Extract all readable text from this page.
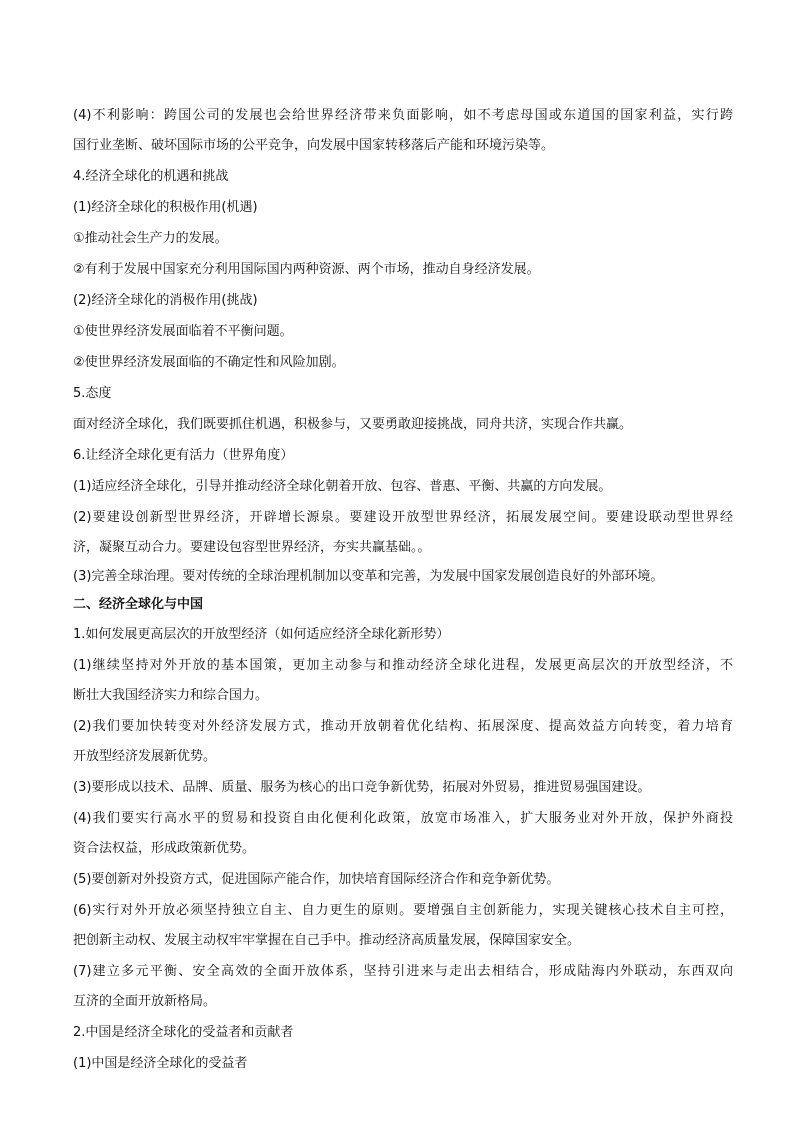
(4)不利影响：跨国公司的发展也会给世界经济带来负面影响，如不考虑母国或东道国的国家利益，实行跨
国行业垄断、破坏国际市场的公平竞争，向发展中国家转移落后产能和环境污染等。
4.经济全球化的机遇和挑战
(1)经济全球化的积极作用(机遇)
①推动社会生产力的发展。
②有利于发展中国家充分利用国际国内两种资源、两个市场，推动自身经济发展。
(2)经济全球化的消极作用(挑战)
①使世界经济发展面临着不平衡问题。
②使世界经济发展面临的不确定性和风险加剧。
5.态度
面对经济全球化，我们既要抓住机遇，积极参与，又要勇敢迎接挑战，同舟共济，实现合作共赢。
6.让经济全球化更有活力（世界角度）
(1)适应经济全球化，引导并推动经济全球化朝着开放、包容、普惠、平衡、共赢的方向发展。
(2)要建设创新型世界经济，开辟增长源泉。要建设开放型世界经济，拓展发展空间。要建设联动型世界经
济，凝聚互动合力。要建设包容型世界经济，夯实共赢基础。。
(3)完善全球治理。要对传统的全球治理机制加以变革和完善，为发展中国家发展创造良好的外部环境。
二、经济全球化与中国
1.如何发展更高层次的开放型经济（如何适应经济全球化新形势）
(1)继续坚持对外开放的基本国策，更加主动参与和推动经济全球化进程，发展更高层次的开放型经济，不
断壮大我国经济实力和综合国力。
(2)我们要加快转变对外经济发展方式，推动开放朝着优化结构、拓展深度、提高效益方向转变，着力培育
开放型经济发展新优势。
(3)要形成以技术、品牌、质量、服务为核心的出口竞争新优势，拓展对外贸易，推进贸易强国建设。
(4)我们要实行高水平的贸易和投资自由化便利化政策，放宽市场准入，扩大服务业对外开放，保护外商投
资合法权益，形成政策新优势。
(5)要创新对外投资方式，促进国际产能合作，加快培育国际经济合作和竞争新优势。
(6)实行对外开放必须坚持独立自主、自力更生的原则。要增强自主创新能力，实现关键核心技术自主可控，
把创新主动权、发展主动权牢牢掌握在自己手中。推动经济高质量发展，保障国家安全。
(7)建立多元平衡、安全高效的全面开放体系，坚持引进来与走出去相结合，形成陆海内外联动，东西双向
互济的全面开放新格局。
2.中国是经济全球化的受益者和贡献者
(1)中国是经济全球化的受益者
